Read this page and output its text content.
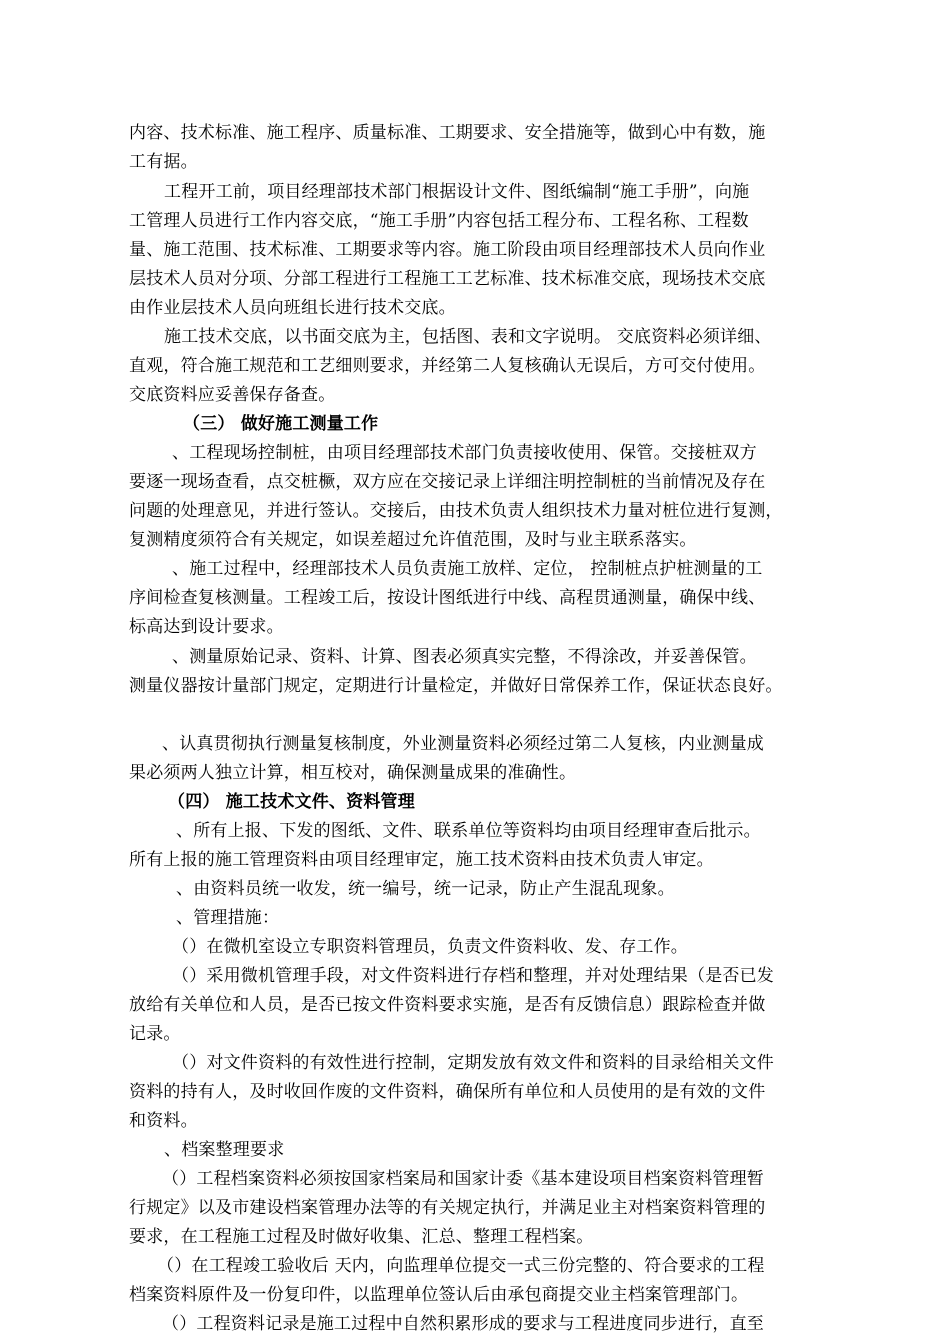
内容、技术标准、施工程序、质量标准、工期要求、安全措施等，做到心中有数，施
工有据。
工程开工前，项目经理部技术部门根据设计文件、图纸编制“施工手册”，向施
工管理人员进行工作内容交底，“施工手册”内容包括工程分布、工程名称、工程数
量、施工范围、技术标准、工期要求等内容。施工阶段由项目经理部技术人员向作业
层技术人员对分项、分部工程进行工程施工工艺标准、技术标准交底，现场技术交底
由作业层技术人员向班组长进行技术交底。
施工技术交底，以书面交底为主，包括图、表和文字说明。 交底资料必须详细、
直观，符合施工规范和工艺细则要求，并经第二人复核确认无误后，方可交付使用。
交底资料应妥善保存备查。
（三） 做好施工测量工作
、工程现场控制桩，由项目经理部技术部门负责接收使用、保管。交接桩双方
要逐一现场查看，点交桩橛，双方应在交接记录上详细注明控制桩的当前情况及存在
问题的处理意见，并进行签认。交接后，由技术负责人组织技术力量对桩位进行复测，
复测精度须符合有关规定，如误差超过允许值范围，及时与业主联系落实。
、施工过程中，经理部技术人员负责施工放样、定位， 控制桩点护桩测量的工
序间检查复核测量。工程竣工后，按设计图纸进行中线、高程贯通测量，确保中线、
标高达到设计要求。
、测量原始记录、资料、计算、图表必须真实完整，不得涂改，并妥善保管。
测量仪器按计量部门规定，定期进行计量检定，并做好日常保养工作，保证状态良好。
、认真贯彻执行测量复核制度，外业测量资料必须经过第二人复核，内业测量成
果必须两人独立计算，相互校对，确保测量成果的准确性。
（四） 施工技术文件、资料管理
、所有上报、下发的图纸、文件、联系单位等资料均由项目经理审查后批示。
所有上报的施工管理资料由项目经理审定，施工技术资料由技术负责人审定。
、由资料员统一收发，统一编号，统一记录，防止产生混乱现象。
、管理措施：
（）在微机室设立专职资料管理员，负责文件资料收、发、存工作。
（）采用微机管理手段，对文件资料进行存档和整理，并对处理结果（是否已发
放给有关单位和人员，是否已按文件资料要求实施，是否有反馈信息）跟踪检查并做
记录。
（）对文件资料的有效性进行控制，定期发放有效文件和资料的目录给相关文件
资料的持有人，及时收回作废的文件资料，确保所有单位和人员使用的是有效的文件
和资料。
、档案整理要求
（）工程档案资料必须按国家档案局和国家计委《基本建设项目档案资料管理暂
行规定》以及市建设档案管理办法等的有关规定执行，并满足业主对档案资料管理的
要求，在工程施工过程及时做好收集、汇总、整理工程档案。
（）在工程竣工验收后 天内，向监理单位提交一式三份完整的、符合要求的工程
档案资料原件及一份复印件，以监理单位签认后由承包商提交业主档案管理部门。
（）工程资料记录是施工过程中自然积累形成的要求与工程进度同步进行，直至
